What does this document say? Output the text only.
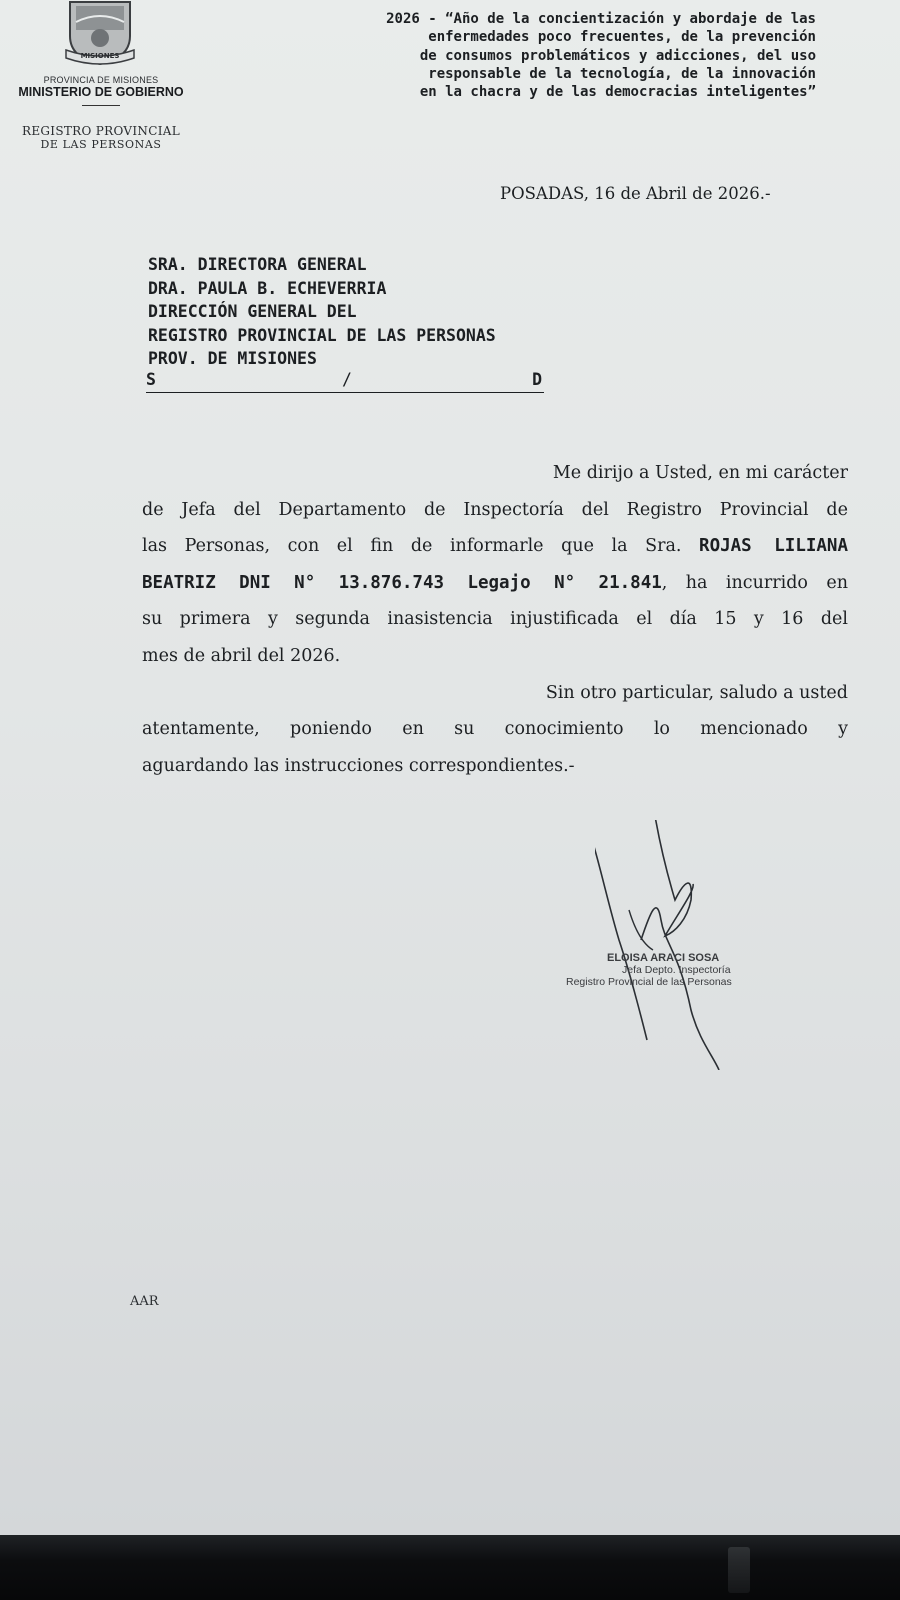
MISIONES
PROVINCIA DE MISIONES
MINISTERIO DE GOBIERNO
REGISTRO PROVINCIAL
DE LAS PERSONAS
2026 - “Año de la concientización y abordaje de las
enfermedades poco frecuentes, de la prevención
de consumos problemáticos y adicciones, del uso
responsable de la tecnología, de la innovación
en la chacra y de las democracias inteligentes”
POSADAS, 16 de Abril de 2026.-
SRA. DIRECTORA GENERAL
DRA. PAULA B. ECHEVERRIA
DIRECCIÓN GENERAL DEL
REGISTRO PROVINCIAL DE LAS PERSONAS
PROV. DE MISIONES
S	/	D
Me dirijo a Usted, en mi carácter
de Jefa del Departamento de Inspectoría del Registro Provincial de
las Personas, con el fin de informarle que la Sra. ROJAS LILIANA
BEATRIZ DNI N° 13.876.743 Legajo N° 21.841, ha incurrido en
su primera y segunda inasistencia injustificada el día 15 y 16 del
mes de abril del 2026.
Sin otro particular, saludo a usted
atentamente, poniendo en su conocimiento lo mencionado y
aguardando las instrucciones correspondientes.-
ELOISA ARACI SOSA
Jefa Depto. Inspectoría
Registro Provincial de las Personas
AAR
